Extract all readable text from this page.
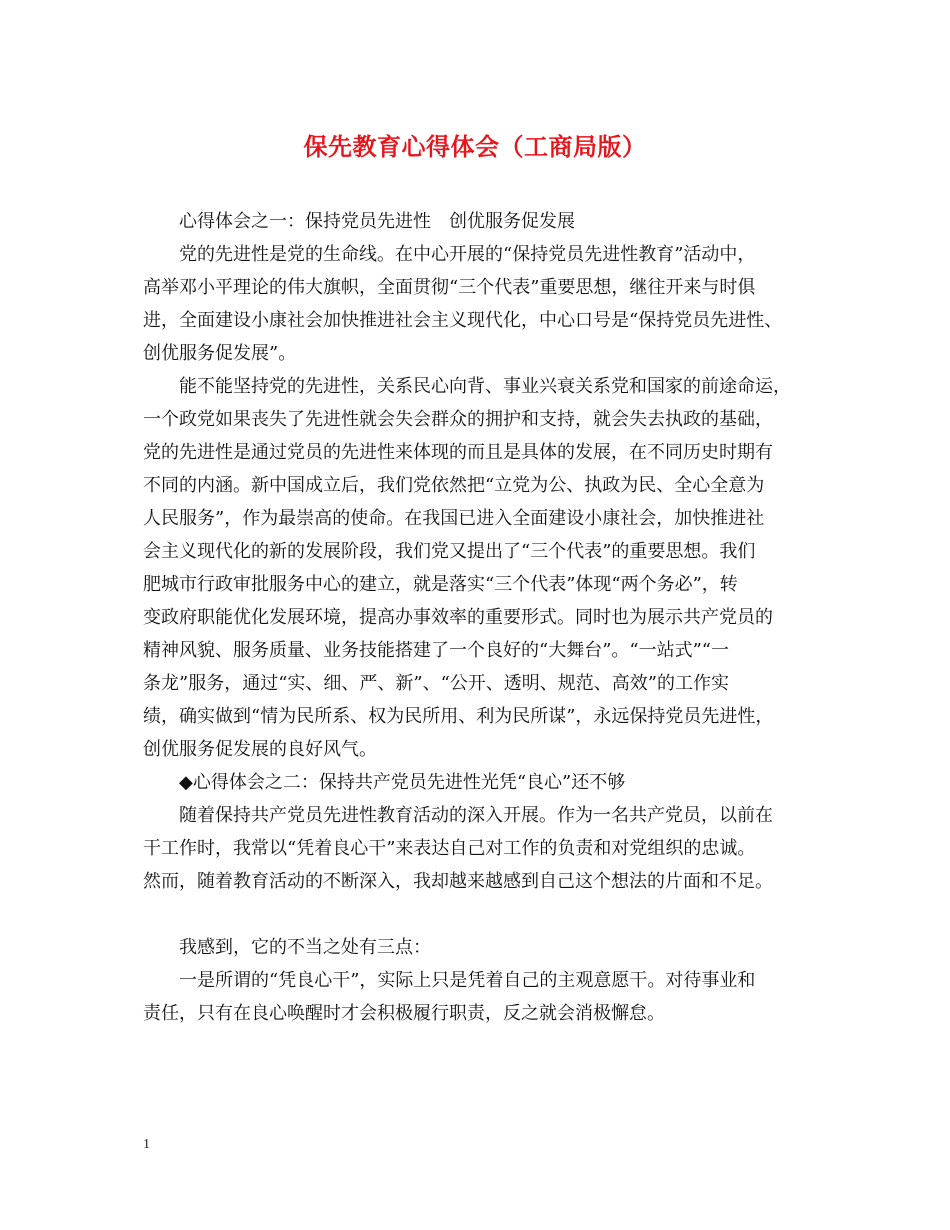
保先教育心得体会（工商局版）
心得体会之一：保持党员先进性　创优服务促发展
党的先进性是党的生命线。在中心开展的“保持党员先进性教育”活动中，
高举邓小平理论的伟大旗帜，全面贯彻“三个代表”重要思想，继往开来与时俱
进，全面建设小康社会加快推进社会主义现代化，中心口号是“保持党员先进性、
创优服务促发展”。
能不能坚持党的先进性，关系民心向背、事业兴衰关系党和国家的前途命运，
一个政党如果丧失了先进性就会失会群众的拥护和支持，就会失去执政的基础，
党的先进性是通过党员的先进性来体现的而且是具体的发展，在不同历史时期有
不同的内涵。新中国成立后，我们党依然把“立党为公、执政为民、全心全意为
人民服务”，作为最崇高的使命。在我国已进入全面建设小康社会，加快推进社
会主义现代化的新的发展阶段，我们党又提出了“三个代表”的重要思想。我们
肥城市行政审批服务中心的建立，就是落实“三个代表”体现“两个务必”，转
变政府职能优化发展环境，提高办事效率的重要形式。同时也为展示共产党员的
精神风貌、服务质量、业务技能搭建了一个良好的“大舞台”。“一站式”“一
条龙”服务，通过“实、细、严、新”、“公开、透明、规范、高效”的工作实
绩，确实做到“情为民所系、权为民所用、利为民所谋”，永远保持党员先进性，
创优服务促发展的良好风气。
◆心得体会之二：保持共产党员先进性光凭“良心”还不够
随着保持共产党员先进性教育活动的深入开展。作为一名共产党员，以前在
干工作时，我常以“凭着良心干”来表达自己对工作的负责和对党组织的忠诚。
然而，随着教育活动的不断深入，我却越来越感到自己这个想法的片面和不足。
我感到，它的不当之处有三点：
一是所谓的“凭良心干”，实际上只是凭着自己的主观意愿干。对待事业和
责任，只有在良心唤醒时才会积极履行职责，反之就会消极懈怠。
1
